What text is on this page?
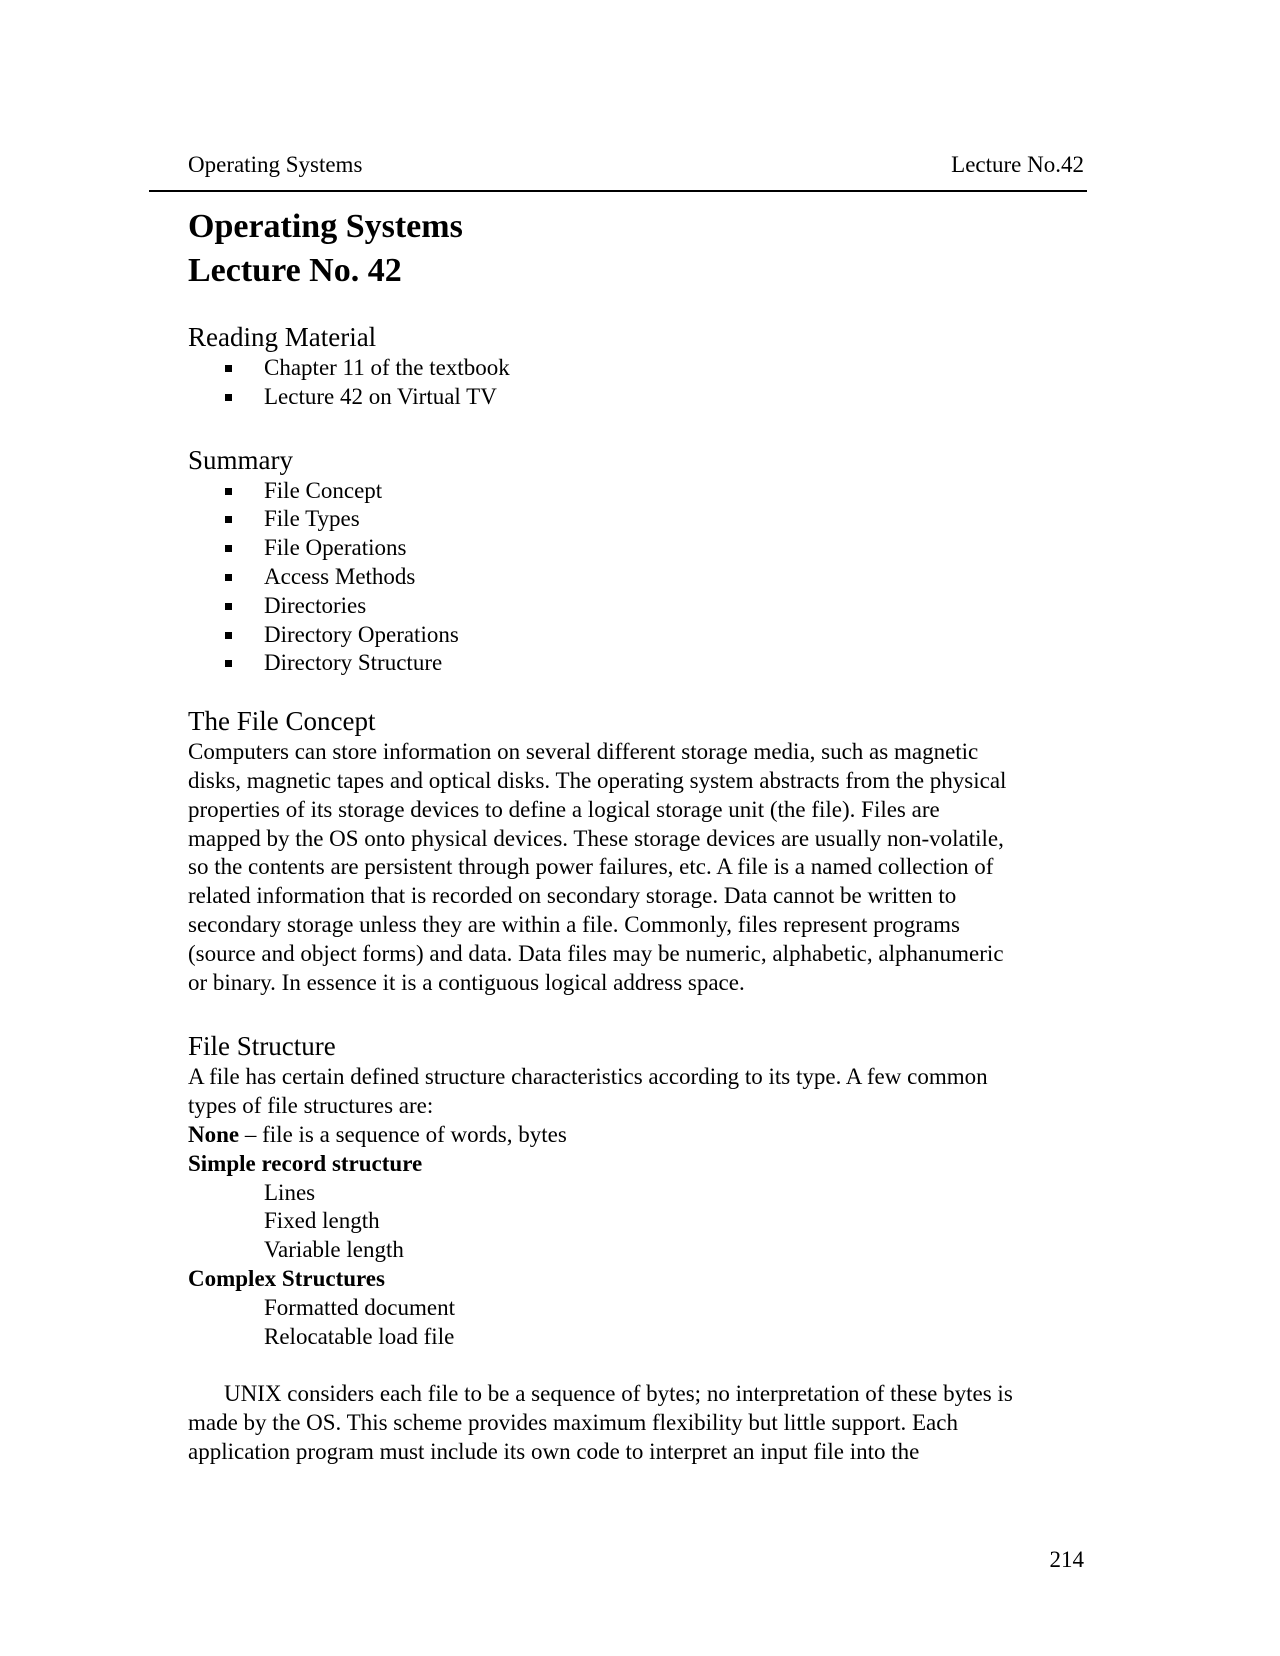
Operating Systems	Lecture No.42
Operating Systems
Lecture No. 42
Reading Material
Chapter 11 of the textbook
Lecture 42 on Virtual TV
Summary
File Concept
File Types
File Operations
Access Methods
Directories
Directory Operations
Directory Structure
The File Concept
Computers can store information on several different storage media, such as magnetic
disks, magnetic tapes and optical disks. The operating system abstracts from the physical
properties of its storage devices to define a logical storage unit (the file). Files are
mapped by the OS onto physical devices. These storage devices are usually non-volatile,
so the contents are persistent through power failures, etc. A file is a named collection of
related information that is recorded on secondary storage. Data cannot be written to
secondary storage unless they are within a file. Commonly, files represent programs
(source and object forms) and data. Data files may be numeric, alphabetic, alphanumeric
or binary. In essence it is a contiguous logical address space.
File Structure
A file has certain defined structure characteristics according to its type. A few common
types of file structures are:
None – file is a sequence of words, bytes
Simple record structure
Lines
Fixed length
Variable length
Complex Structures
Formatted document
Relocatable load file
UNIX considers each file to be a sequence of bytes; no interpretation of these bytes is
made by the OS. This scheme provides maximum flexibility but little support. Each
application program must include its own code to interpret an input file into the
214
